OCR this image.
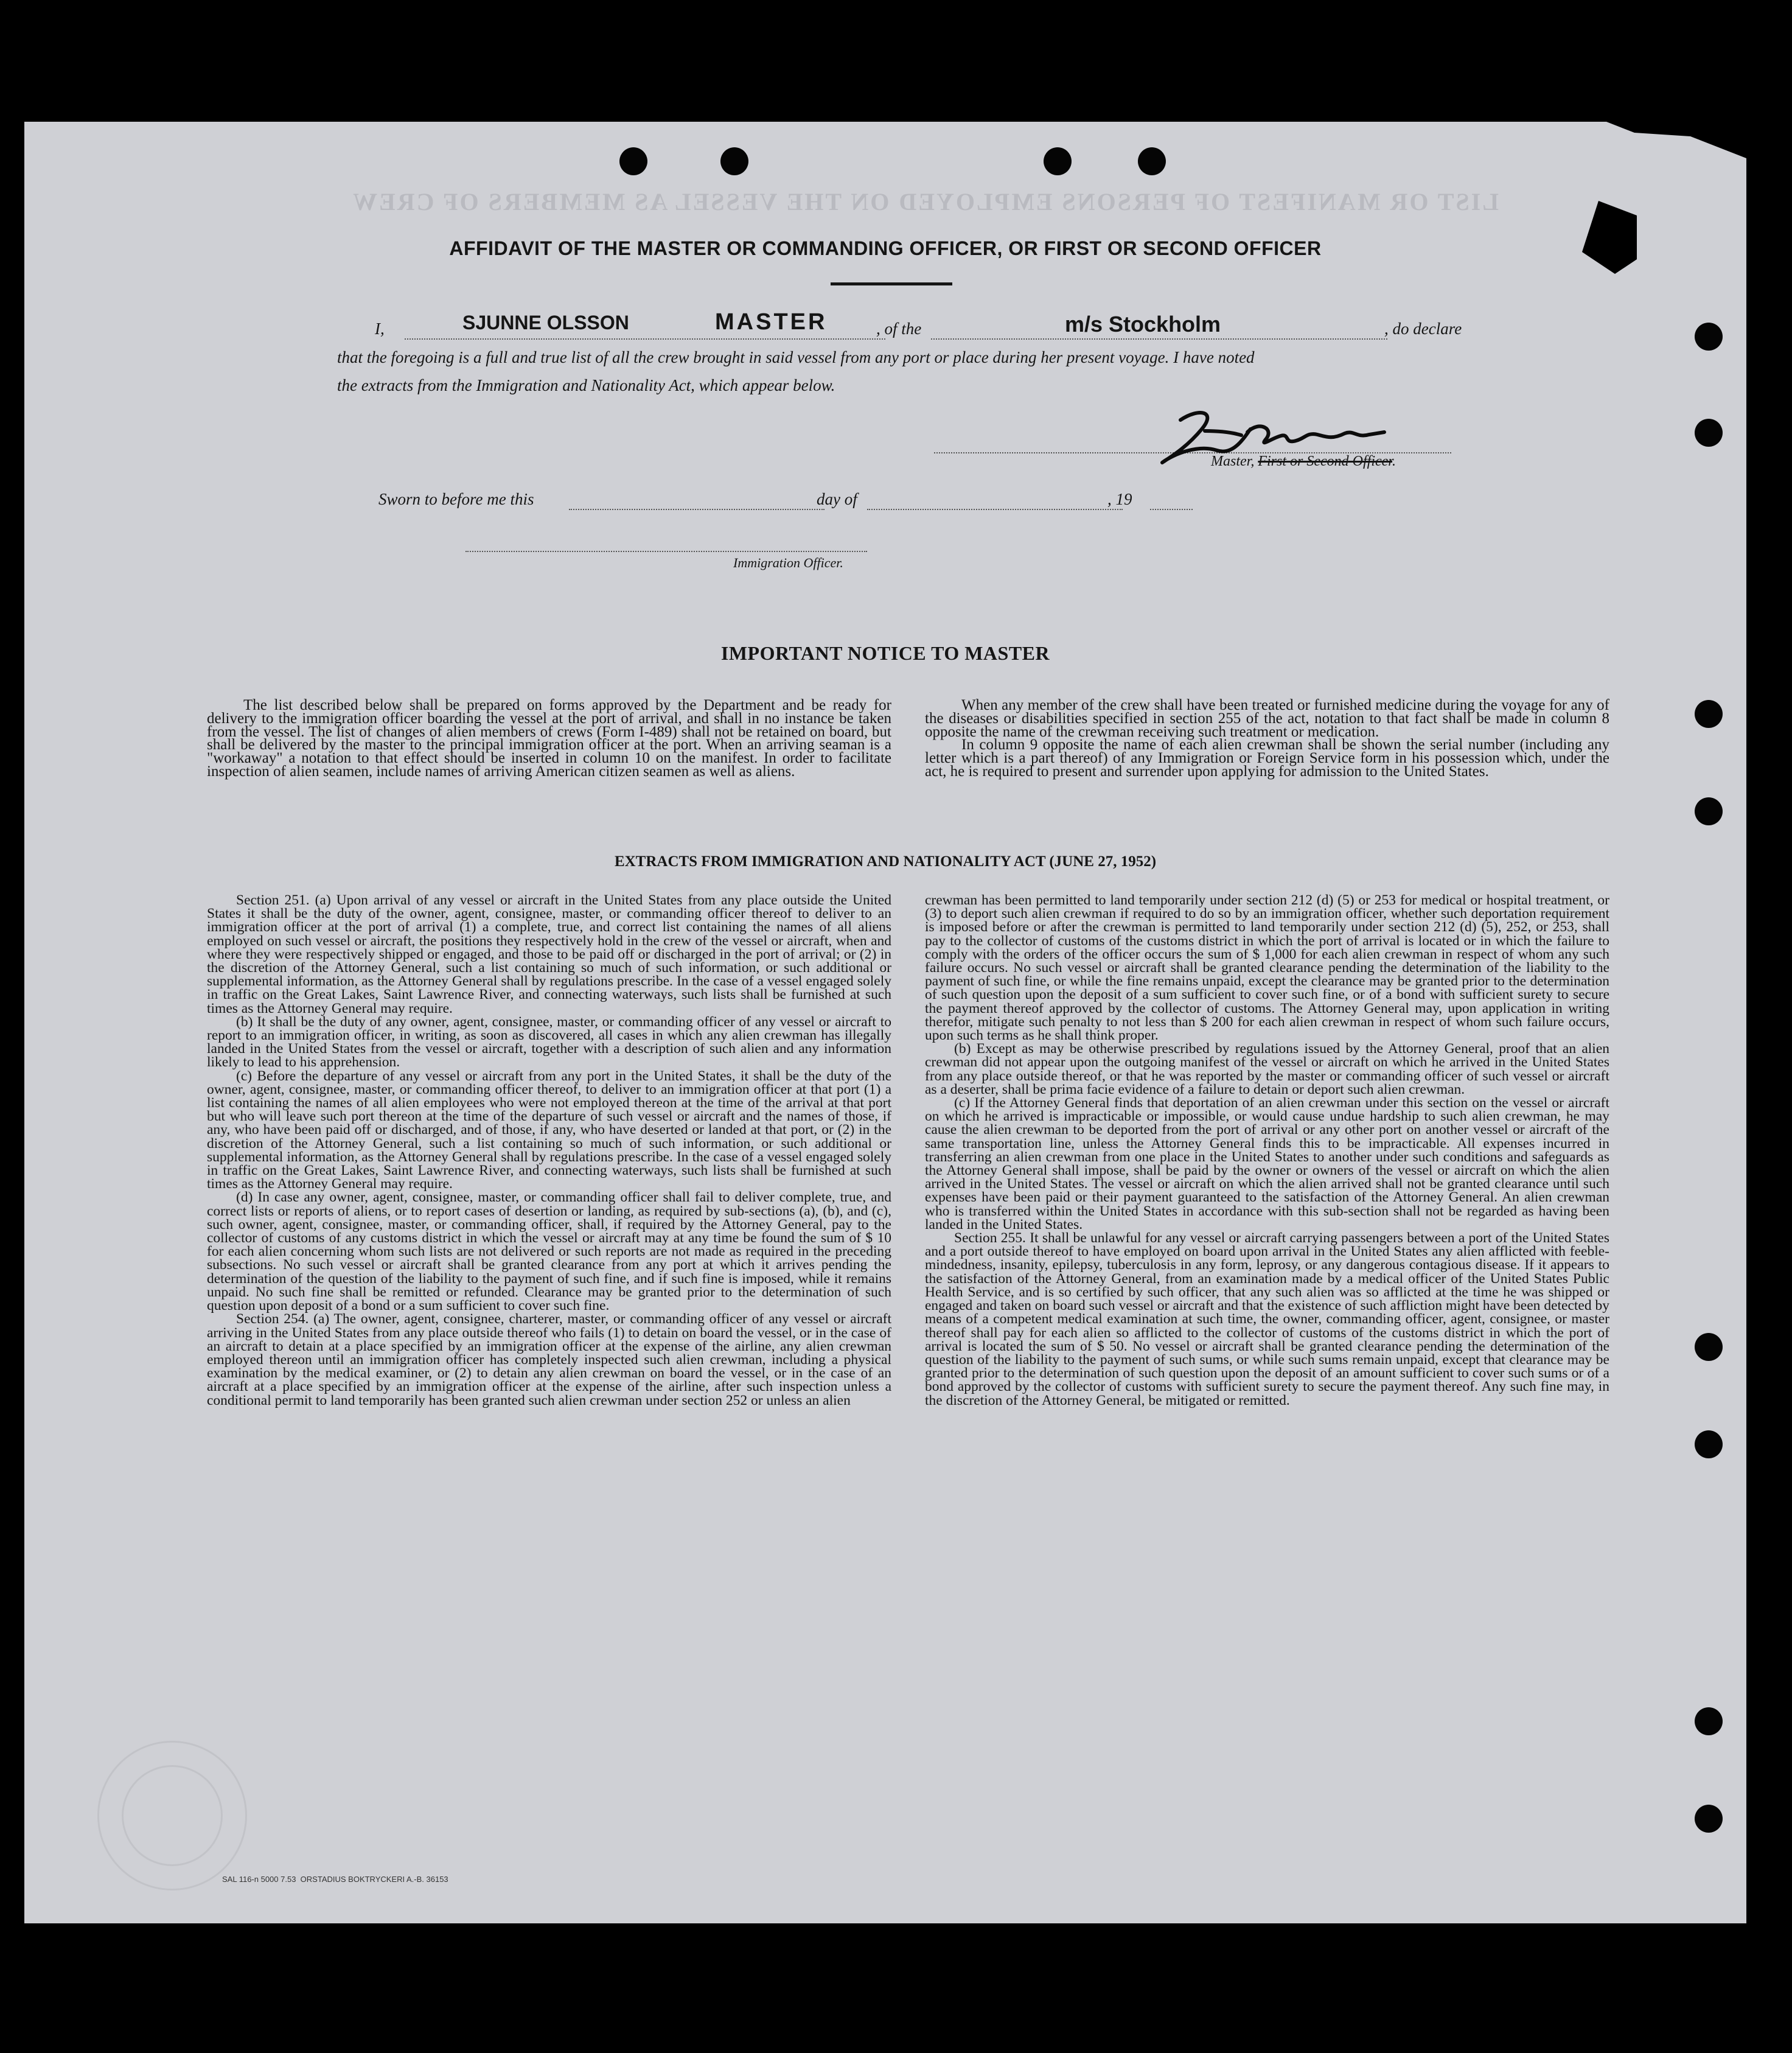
LIST OR MANIFEST OF PERSONS EMPLOYED ON THE VESSEL AS MEMBERS OF CREW
AFFIDAVIT OF THE MASTER OR COMMANDING OFFICER, OR FIRST OR SECOND OFFICER
I,	SJUNNE OLSSON	MASTER	, of the	m/s Stockholm	, do declare
that the foregoing is a full and true list of all the crew brought in said vessel from any port or place during her present voyage. I have noted
the extracts from the Immigration and Nationality Act, which appear below.
Master, First or Second Officer.
Sworn to before me this	day of	, 19
Immigration Officer.
IMPORTANT NOTICE TO MASTER

The list described below shall be prepared on forms approved by the Department and be ready for delivery to the immigration officer boarding the vessel at the port of arrival, and shall in no instance be taken from the vessel. The list of changes of alien members of crews (Form I-489) shall not be retained on board, but shall be delivered by the master to the principal immigration officer at the port. When an arriving seaman is a "workaway" a notation to that effect should be inserted in column 10 on the manifest. In order to facilitate inspection of alien seamen, include names of arriving American citizen seamen as well as aliens.

When any member of the crew shall have been treated or furnished medicine during the voyage for any of the diseases or disabilities specified in section 255 of the act, notation to that fact shall be made in column 8 opposite the name of the crewman receiving such treatment or medication.

In column 9 opposite the name of each alien crewman shall be shown the serial number (including any letter which is a part thereof) of any Immigration or Foreign Service form in his possession which, under the act, he is required to present and surrender upon applying for admission to the United States.

EXTRACTS FROM IMMIGRATION AND NATIONALITY ACT (JUNE 27, 1952)

Section 251. (a) Upon arrival of any vessel or aircraft in the United States from any place outside the United States it shall be the duty of the owner, agent, consignee, master, or commanding officer thereof to deliver to an immigration officer at the port of arrival (1) a complete, true, and correct list containing the names of all aliens employed on such vessel or aircraft, the positions they respectively hold in the crew of the vessel or aircraft, when and where they were respectively shipped or engaged, and those to be paid off or discharged in the port of arrival; or (2) in the discretion of the Attorney General, such a list containing so much of such information, or such additional or supplemental information, as the Attorney General shall by regulations prescribe. In the case of a vessel engaged solely in traffic on the Great Lakes, Saint Lawrence River, and connecting waterways, such lists shall be furnished at such times as the Attorney General may require.

(b) It shall be the duty of any owner, agent, consignee, master, or commanding officer of any vessel or aircraft to report to an immigration officer, in writing, as soon as discovered, all cases in which any alien crewman has illegally landed in the United States from the vessel or aircraft, together with a description of such alien and any information likely to lead to his apprehension.

(c) Before the departure of any vessel or aircraft from any port in the United States, it shall be the duty of the owner, agent, consignee, master, or commanding officer thereof, to deliver to an immigration officer at that port (1) a list containing the names of all alien employees who were not employed thereon at the time of the arrival at that port but who will leave such port thereon at the time of the departure of such vessel or aircraft and the names of those, if any, who have been paid off or discharged, and of those, if any, who have deserted or landed at that port, or (2) in the discretion of the Attorney General, such a list containing so much of such information, or such additional or supplemental information, as the Attorney General shall by regulations prescribe. In the case of a vessel engaged solely in traffic on the Great Lakes, Saint Lawrence River, and connecting waterways, such lists shall be furnished at such times as the Attorney General may require.

(d) In case any owner, agent, consignee, master, or commanding officer shall fail to deliver complete, true, and correct lists or reports of aliens, or to report cases of desertion or landing, as required by sub-sections (a), (b), and (c), such owner, agent, consignee, master, or commanding officer, shall, if required by the Attorney General, pay to the collector of customs of any customs district in which the vessel or aircraft may at any time be found the sum of $ 10 for each alien concerning whom such lists are not delivered or such reports are not made as required in the preceding subsections. No such vessel or aircraft shall be granted clearance from any port at which it arrives pending the determination of the question of the liability to the payment of such fine, and if such fine is imposed, while it remains unpaid. No such fine shall be remitted or refunded. Clearance may be granted prior to the determination of such question upon deposit of a bond or a sum sufficient to cover such fine.

Section 254. (a) The owner, agent, consignee, charterer, master, or commanding officer of any vessel or aircraft arriving in the United States from any place outside thereof who fails (1) to detain on board the vessel, or in the case of an aircraft to detain at a place specified by an immigration officer at the expense of the airline, any alien crewman employed thereon until an immigration officer has completely inspected such alien crewman, including a physical examination by the medical examiner, or (2) to detain any alien crewman on board the vessel, or in the case of an aircraft at a place specified by an immigration officer at the expense of the airline, after such inspection unless a conditional permit to land temporarily has been granted such alien crewman under section 252 or unless an alien

crewman has been permitted to land temporarily under section 212 (d) (5) or 253 for medical or hospital treatment, or (3) to deport such alien crewman if required to do so by an immigration officer, whether such deportation requirement is imposed before or after the crewman is permitted to land temporarily under section 212 (d) (5), 252, or 253, shall pay to the collector of customs of the customs district in which the port of arrival is located or in which the failure to comply with the orders of the officer occurs the sum of $ 1,000 for each alien crewman in respect of whom any such failure occurs. No such vessel or aircraft shall be granted clearance pending the determination of the liability to the payment of such fine, or while the fine remains unpaid, except the clearance may be granted prior to the determination of such question upon the deposit of a sum sufficient to cover such fine, or of a bond with sufficient surety to secure the payment thereof approved by the collector of customs. The Attorney General may, upon application in writing therefor, mitigate such penalty to not less than $ 200 for each alien crewman in respect of whom such failure occurs, upon such terms as he shall think proper.

(b) Except as may be otherwise prescribed by regulations issued by the Attorney General, proof that an alien crewman did not appear upon the outgoing manifest of the vessel or aircraft on which he arrived in the United States from any place outside thereof, or that he was reported by the master or commanding officer of such vessel or aircraft as a deserter, shall be prima facie evidence of a failure to detain or deport such alien crewman.

(c) If the Attorney General finds that deportation of an alien crewman under this section on the vessel or aircraft on which he arrived is impracticable or impossible, or would cause undue hardship to such alien crewman, he may cause the alien crewman to be deported from the port of arrival or any other port on another vessel or aircraft of the same transportation line, unless the Attorney General finds this to be impracticable. All expenses incurred in transferring an alien crewman from one place in the United States to another under such conditions and safeguards as the Attorney General shall impose, shall be paid by the owner or owners of the vessel or aircraft on which the alien arrived in the United States. The vessel or aircraft on which the alien arrived shall not be granted clearance until such expenses have been paid or their payment guaranteed to the satisfaction of the Attorney General. An alien crewman who is transferred within the United States in accordance with this sub-section shall not be regarded as having been landed in the United States.

Section 255. It shall be unlawful for any vessel or aircraft carrying passengers between a port of the United States and a port outside thereof to have employed on board upon arrival in the United States any alien afflicted with feeble-mindedness, insanity, epilepsy, tuberculosis in any form, leprosy, or any dangerous contagious disease. If it appears to the satisfaction of the Attorney General, from an examination made by a medical officer of the United States Public Health Service, and is so certified by such officer, that any such alien was so afflicted at the time he was shipped or engaged and taken on board such vessel or aircraft and that the existence of such affliction might have been detected by means of a competent medical examination at such time, the owner, commanding officer, agent, consignee, or master thereof shall pay for each alien so afflicted to the collector of customs of the customs district in which the port of arrival is located the sum of $ 50. No vessel or aircraft shall be granted clearance pending the determination of the question of the liability to the payment of such sums, or while such sums remain unpaid, except that clearance may be granted prior to the determination of such question upon the deposit of an amount sufficient to cover such sums or of a bond approved by the collector of customs with sufficient surety to secure the payment thereof. Any such fine may, in the discretion of the Attorney General, be mitigated or remitted.

SAL 116-n 5000 7.53 ORSTADIUS BOKTRYCKERI A.-B. 36153
